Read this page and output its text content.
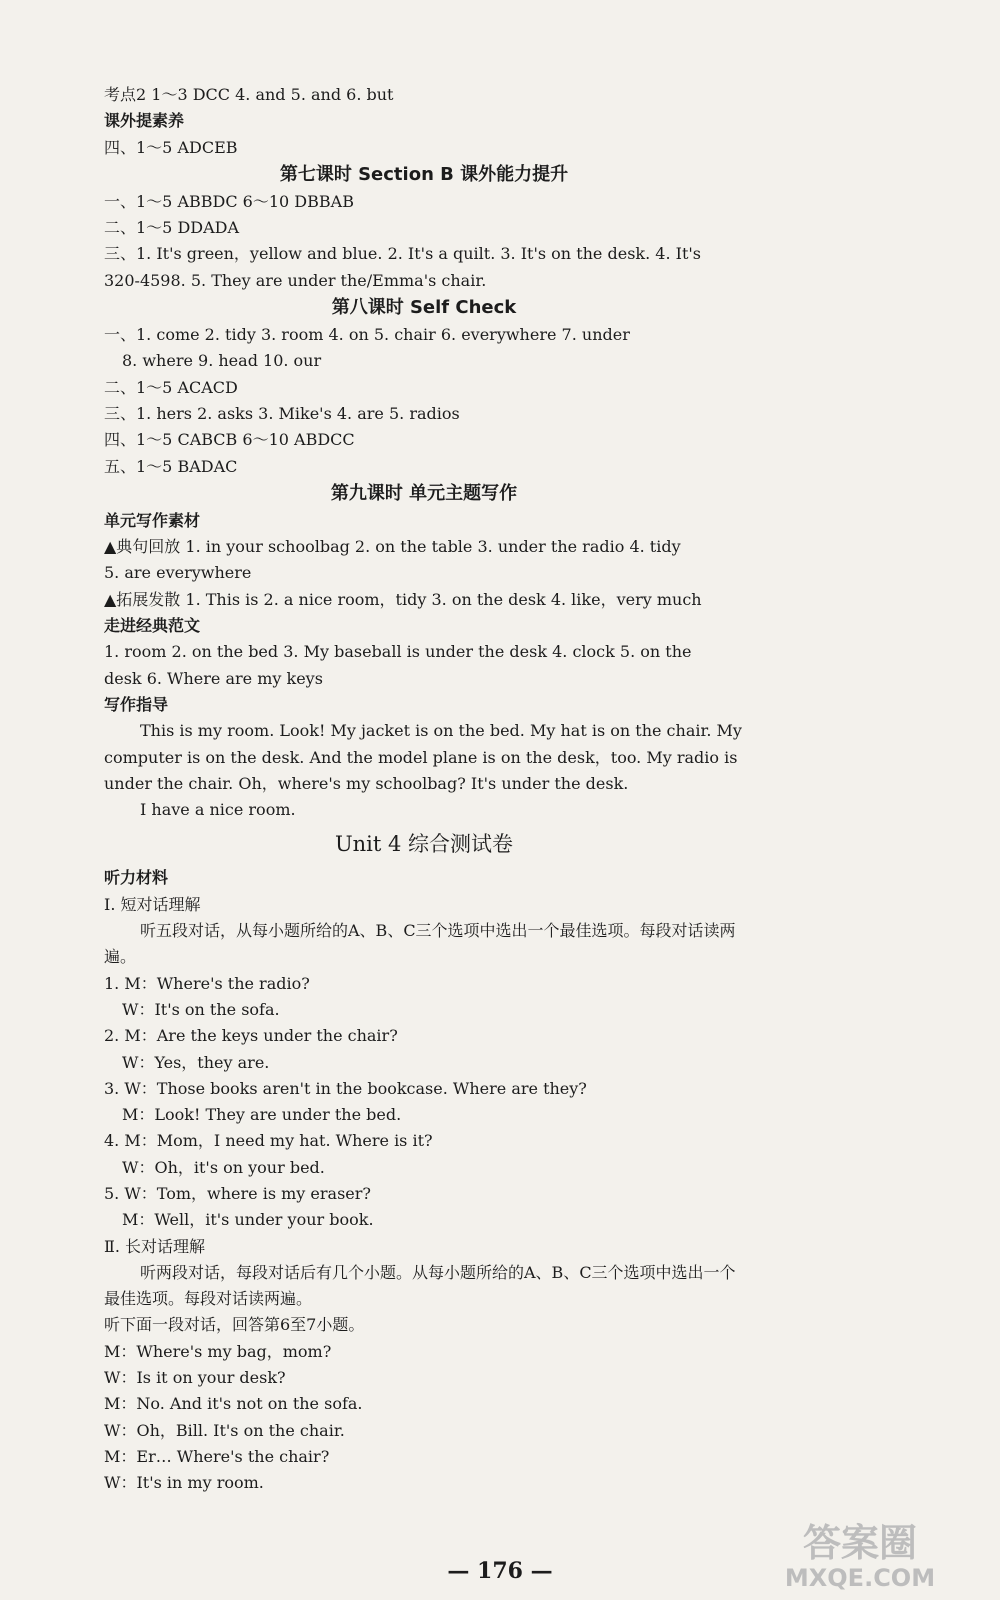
考点2 1～3 DCC 4. and 5. and 6. but
课外提素养
四、1～5 ADCEB
第七课时 Section B 课外能力提升
一、1～5 ABBDC 6～10 DBBAB
二、1～5 DDADA
三、1. It's green，yellow and blue. 2. It's a quilt. 3. It's on the desk. 4. It's
320-4598. 5. They are under the/Emma's chair.
第八课时 Self Check
一、1. come 2. tidy 3. room 4. on 5. chair 6. everywhere 7. under
8. where 9. head 10. our
二、1～5 ACACD
三、1. hers 2. asks 3. Mike's 4. are 5. radios
四、1～5 CABCB 6～10 ABDCC
五、1～5 BADAC
第九课时 单元主题写作
单元写作素材
▲典句回放 1. in your schoolbag 2. on the table 3. under the radio 4. tidy
5. are everywhere
▲拓展发散 1. This is 2. a nice room，tidy 3. on the desk 4. like，very much
走进经典范文
1. room 2. on the bed 3. My baseball is under the desk 4. clock 5. on the
desk 6. Where are my keys
写作指导
This is my room. Look! My jacket is on the bed. My hat is on the chair. My computer is on the desk. And the model plane is on the desk，too. My radio is under the chair. Oh，where's my schoolbag? It's under the desk.
I have a nice room.
Unit 4 综合测试卷
听力材料
Ⅰ. 短对话理解
听五段对话，从每小题所给的A、B、C三个选项中选出一个最佳选项。每段对话读两遍。
1. M：Where's the radio?
W：It's on the sofa.
2. M：Are the keys under the chair?
W：Yes，they are.
3. W：Those books aren't in the bookcase. Where are they?
M：Look! They are under the bed.
4. M：Mom，I need my hat. Where is it?
W：Oh，it's on your bed.
5. W：Tom，where is my eraser?
M：Well，it's under your book.
Ⅱ. 长对话理解
听两段对话，每段对话后有几个小题。从每小题所给的A、B、C三个选项中选出一个最佳选项。每段对话读两遍。
听下面一段对话，回答第6至7小题。
M：Where's my bag，mom?
W：Is it on your desk?
M：No. And it's not on the sofa.
W：Oh，Bill. It's on the chair.
M：Er… Where's the chair?
W：It's in my room.
— 176 —
答案圈
MXQE.COM
